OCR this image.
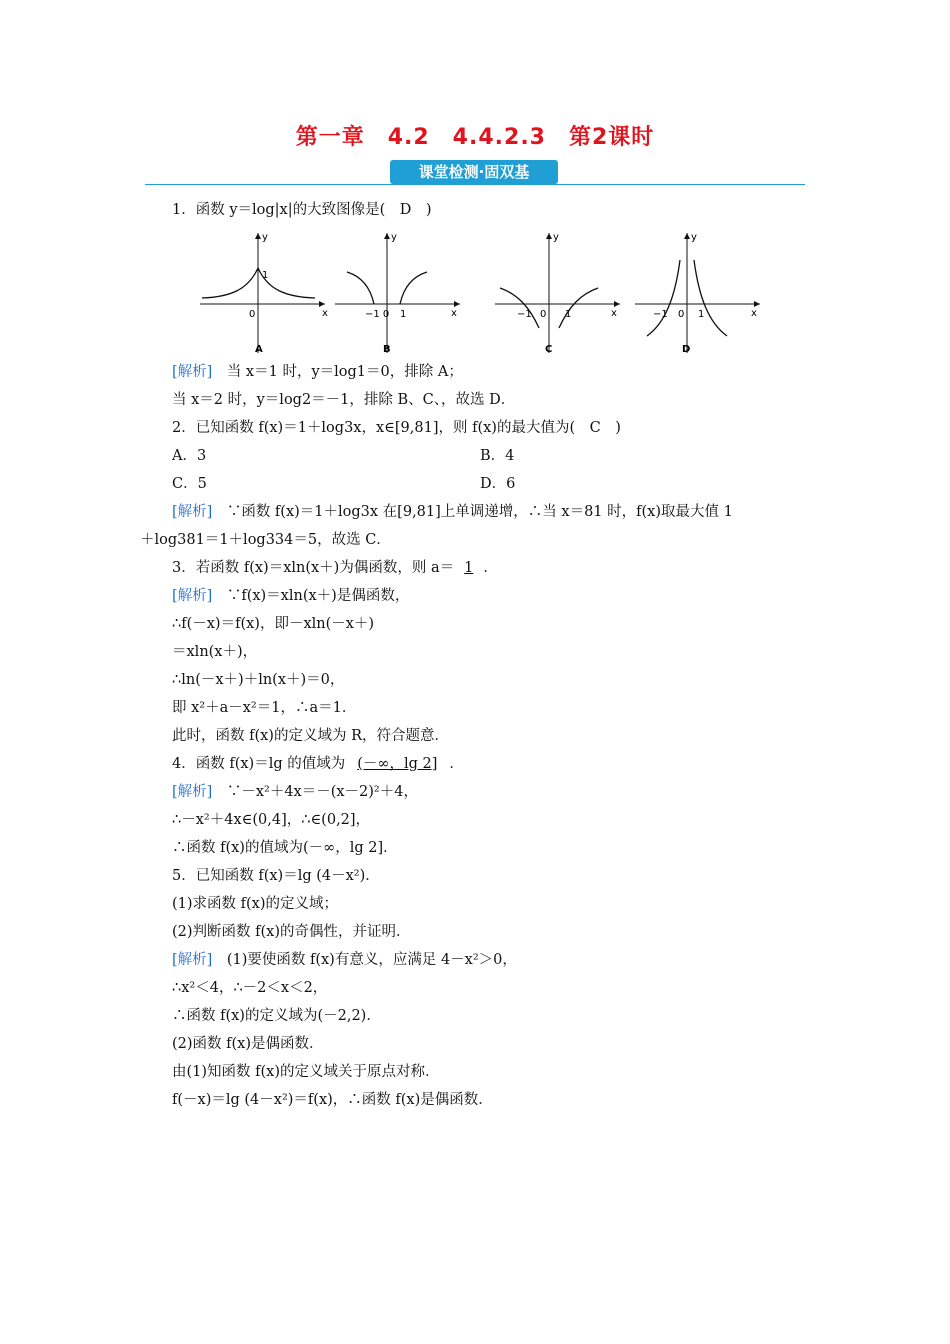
第一章　4.2　4.4.2.3　第2课时
课堂检测·固双基
1．函数 y＝log|x|的大致图像是(　D　)
y
x
0
1
A
y
x
−1 0 1
B
y
x
−1 0 1
C
y
x
−1 0 1
D
[解析]　当 x＝1 时，y＝log1＝0，排除 A；
当 x＝2 时，y＝log2＝－1，排除 B、C、，故选 D．
2．已知函数 f(x)＝1＋log3x，x∈[9,81]，则 f(x)的最大值为(　C　)
A．3	B．4
C．5	D．6
[解析]　∵函数 f(x)＝1＋log3x 在[9,81]上单调递增，∴当 x＝81 时，f(x)取最大值 1
＋log381＝1＋log334＝5，故选 C．
3．若函数 f(x)＝xln(x＋)为偶函数，则 a＝ 1 ．
[解析]　∵f(x)＝xln(x＋)是偶函数，
∴f(－x)＝f(x)，即－xln(－x＋)
＝xln(x＋)，
∴ln(－x＋)＋ln(x＋)＝0，
即 x²＋a－x²＝1，∴a＝1．
此时，函数 f(x)的定义域为 R，符合题意．
4．函数 f(x)＝lg 的值域为 (－∞，lg 2] ．
[解析]　∵－x²＋4x＝－(x－2)²＋4，
∴－x²＋4x∈(0,4]，∴∈(0,2]，
∴函数 f(x)的值域为(－∞，lg 2]．
5．已知函数 f(x)＝lg (4－x²)．
(1)求函数 f(x)的定义域；
(2)判断函数 f(x)的奇偶性，并证明．
[解析]　(1)要使函数 f(x)有意义，应满足 4－x²＞0，
∴x²＜4，∴－2＜x＜2，
∴函数 f(x)的定义域为(－2,2)．
(2)函数 f(x)是偶函数．
由(1)知函数 f(x)的定义域关于原点对称．
f(－x)＝lg (4－x²)＝f(x)，∴函数 f(x)是偶函数．
